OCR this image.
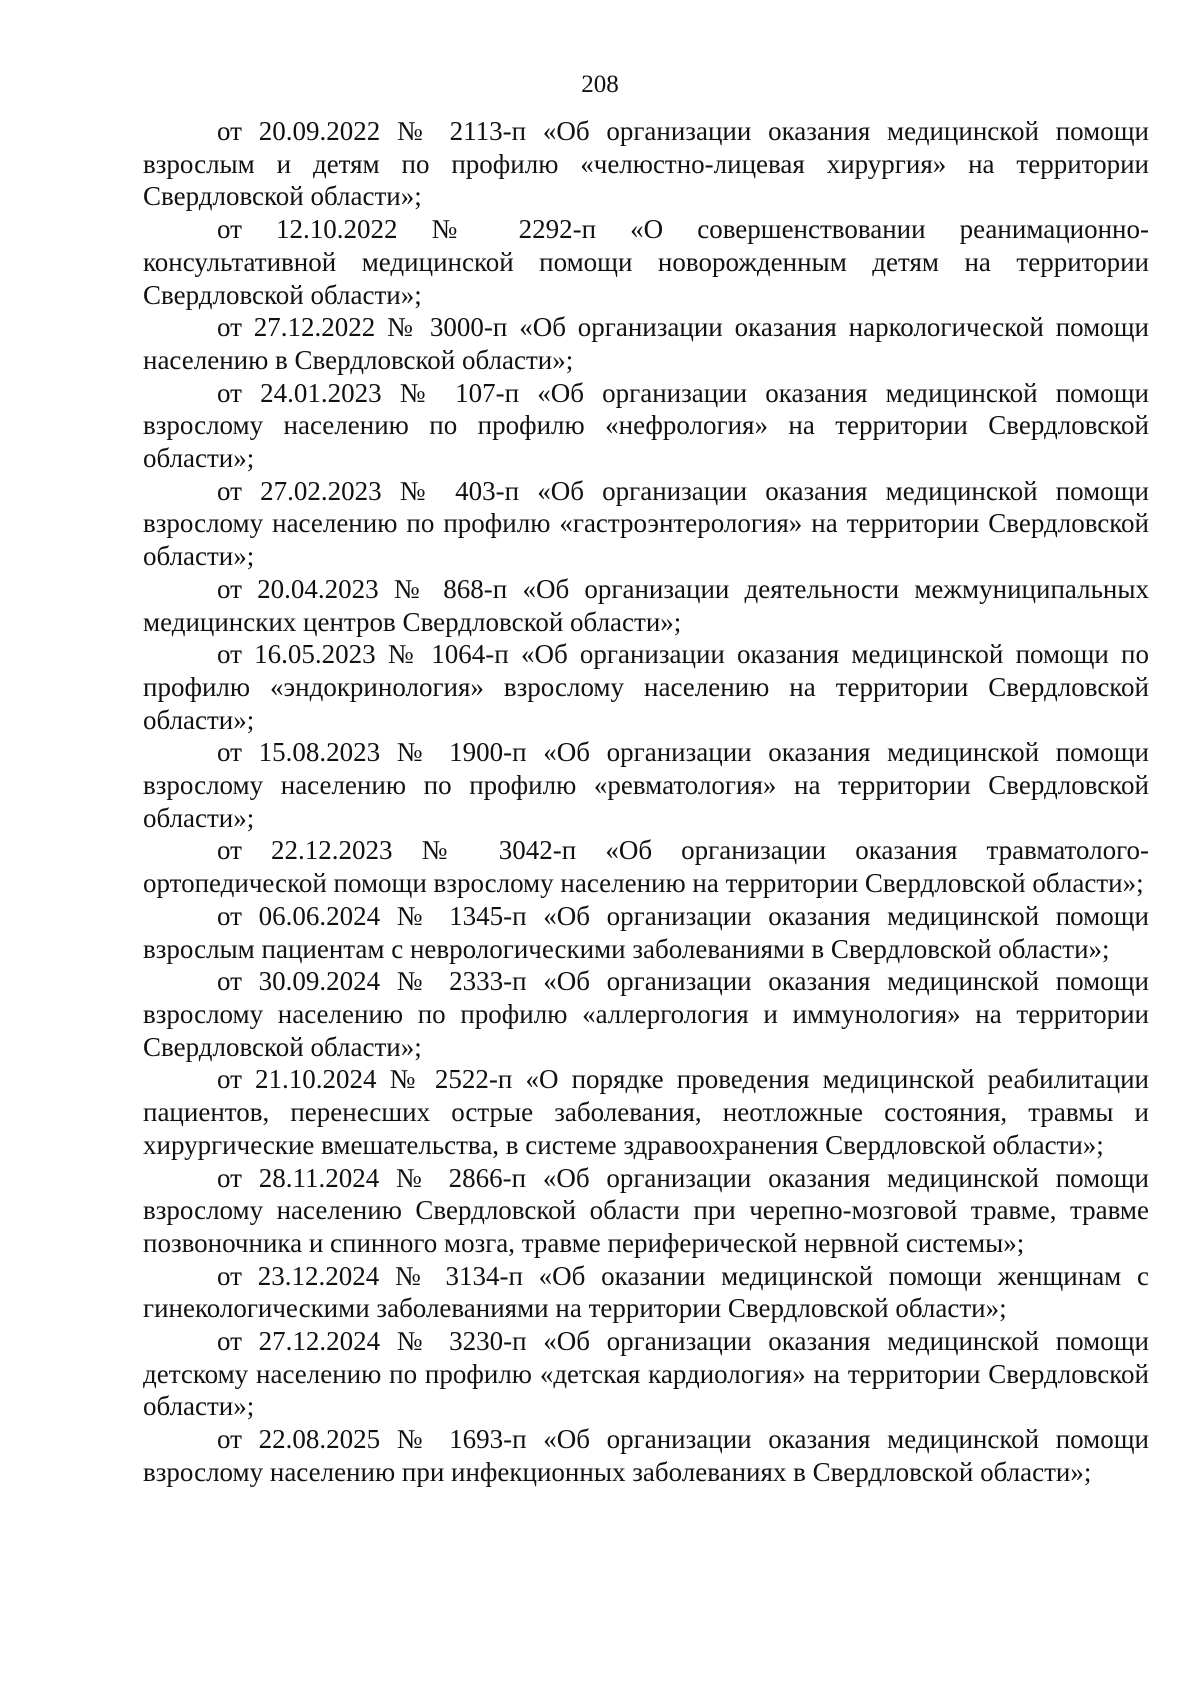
208

от 20.09.2022 № 2113-п «Об организации оказания медицинской помощи взрослым и детям по профилю «челюстно-лицевая хирургия» на территории Свердловской области»;

от 12.10.2022 № 2292-п «О совершенствовании реанимационно-консультативной медицинской помощи новорожденным детям на территории Свердловской области»;

от 27.12.2022 № 3000-п «Об организации оказания наркологической помощи населению в Свердловской области»;

от 24.01.2023 № 107-п «Об организации оказания медицинской помощи взрослому населению по профилю «нефрология» на территории Свердловской области»;

от 27.02.2023 № 403-п «Об организации оказания медицинской помощи взрослому населению по профилю «гастроэнтерология» на территории Свердловской области»;

от 20.04.2023 № 868-п «Об организации деятельности межмуниципальных медицинских центров Свердловской области»;

от 16.05.2023 № 1064-п «Об организации оказания медицинской помощи по профилю «эндокринология» взрослому населению на территории Свердловской области»;

от 15.08.2023 № 1900-п «Об организации оказания медицинской помощи взрослому населению по профилю «ревматология» на территории Свердловской области»;

от 22.12.2023 № 3042-п «Об организации оказания травматолого-ортопедической помощи взрослому населению на территории Свердловской области»;

от 06.06.2024 № 1345-п «Об организации оказания медицинской помощи взрослым пациентам с неврологическими заболеваниями в Свердловской области»;

от 30.09.2024 № 2333-п «Об организации оказания медицинской помощи взрослому населению по профилю «аллергология и иммунология» на территории Свердловской области»;

от 21.10.2024 № 2522-п «О порядке проведения медицинской реабилитации пациентов, перенесших острые заболевания, неотложные состояния, травмы и хирургические вмешательства, в системе здравоохранения Свердловской области»;

от 28.11.2024 № 2866-п «Об организации оказания медицинской помощи взрослому населению Свердловской области при черепно-мозговой травме, травме позвоночника и спинного мозга, травме периферической нервной системы»;

от 23.12.2024 № 3134-п «Об оказании медицинской помощи женщинам с гинекологическими заболеваниями на территории Свердловской области»;

от 27.12.2024 № 3230-п «Об организации оказания медицинской помощи детскому населению по профилю «детская кардиология» на территории Свердловской области»;

от 22.08.2025 № 1693-п «Об организации оказания медицинской помощи взрослому населению при инфекционных заболеваниях в Свердловской области»;
